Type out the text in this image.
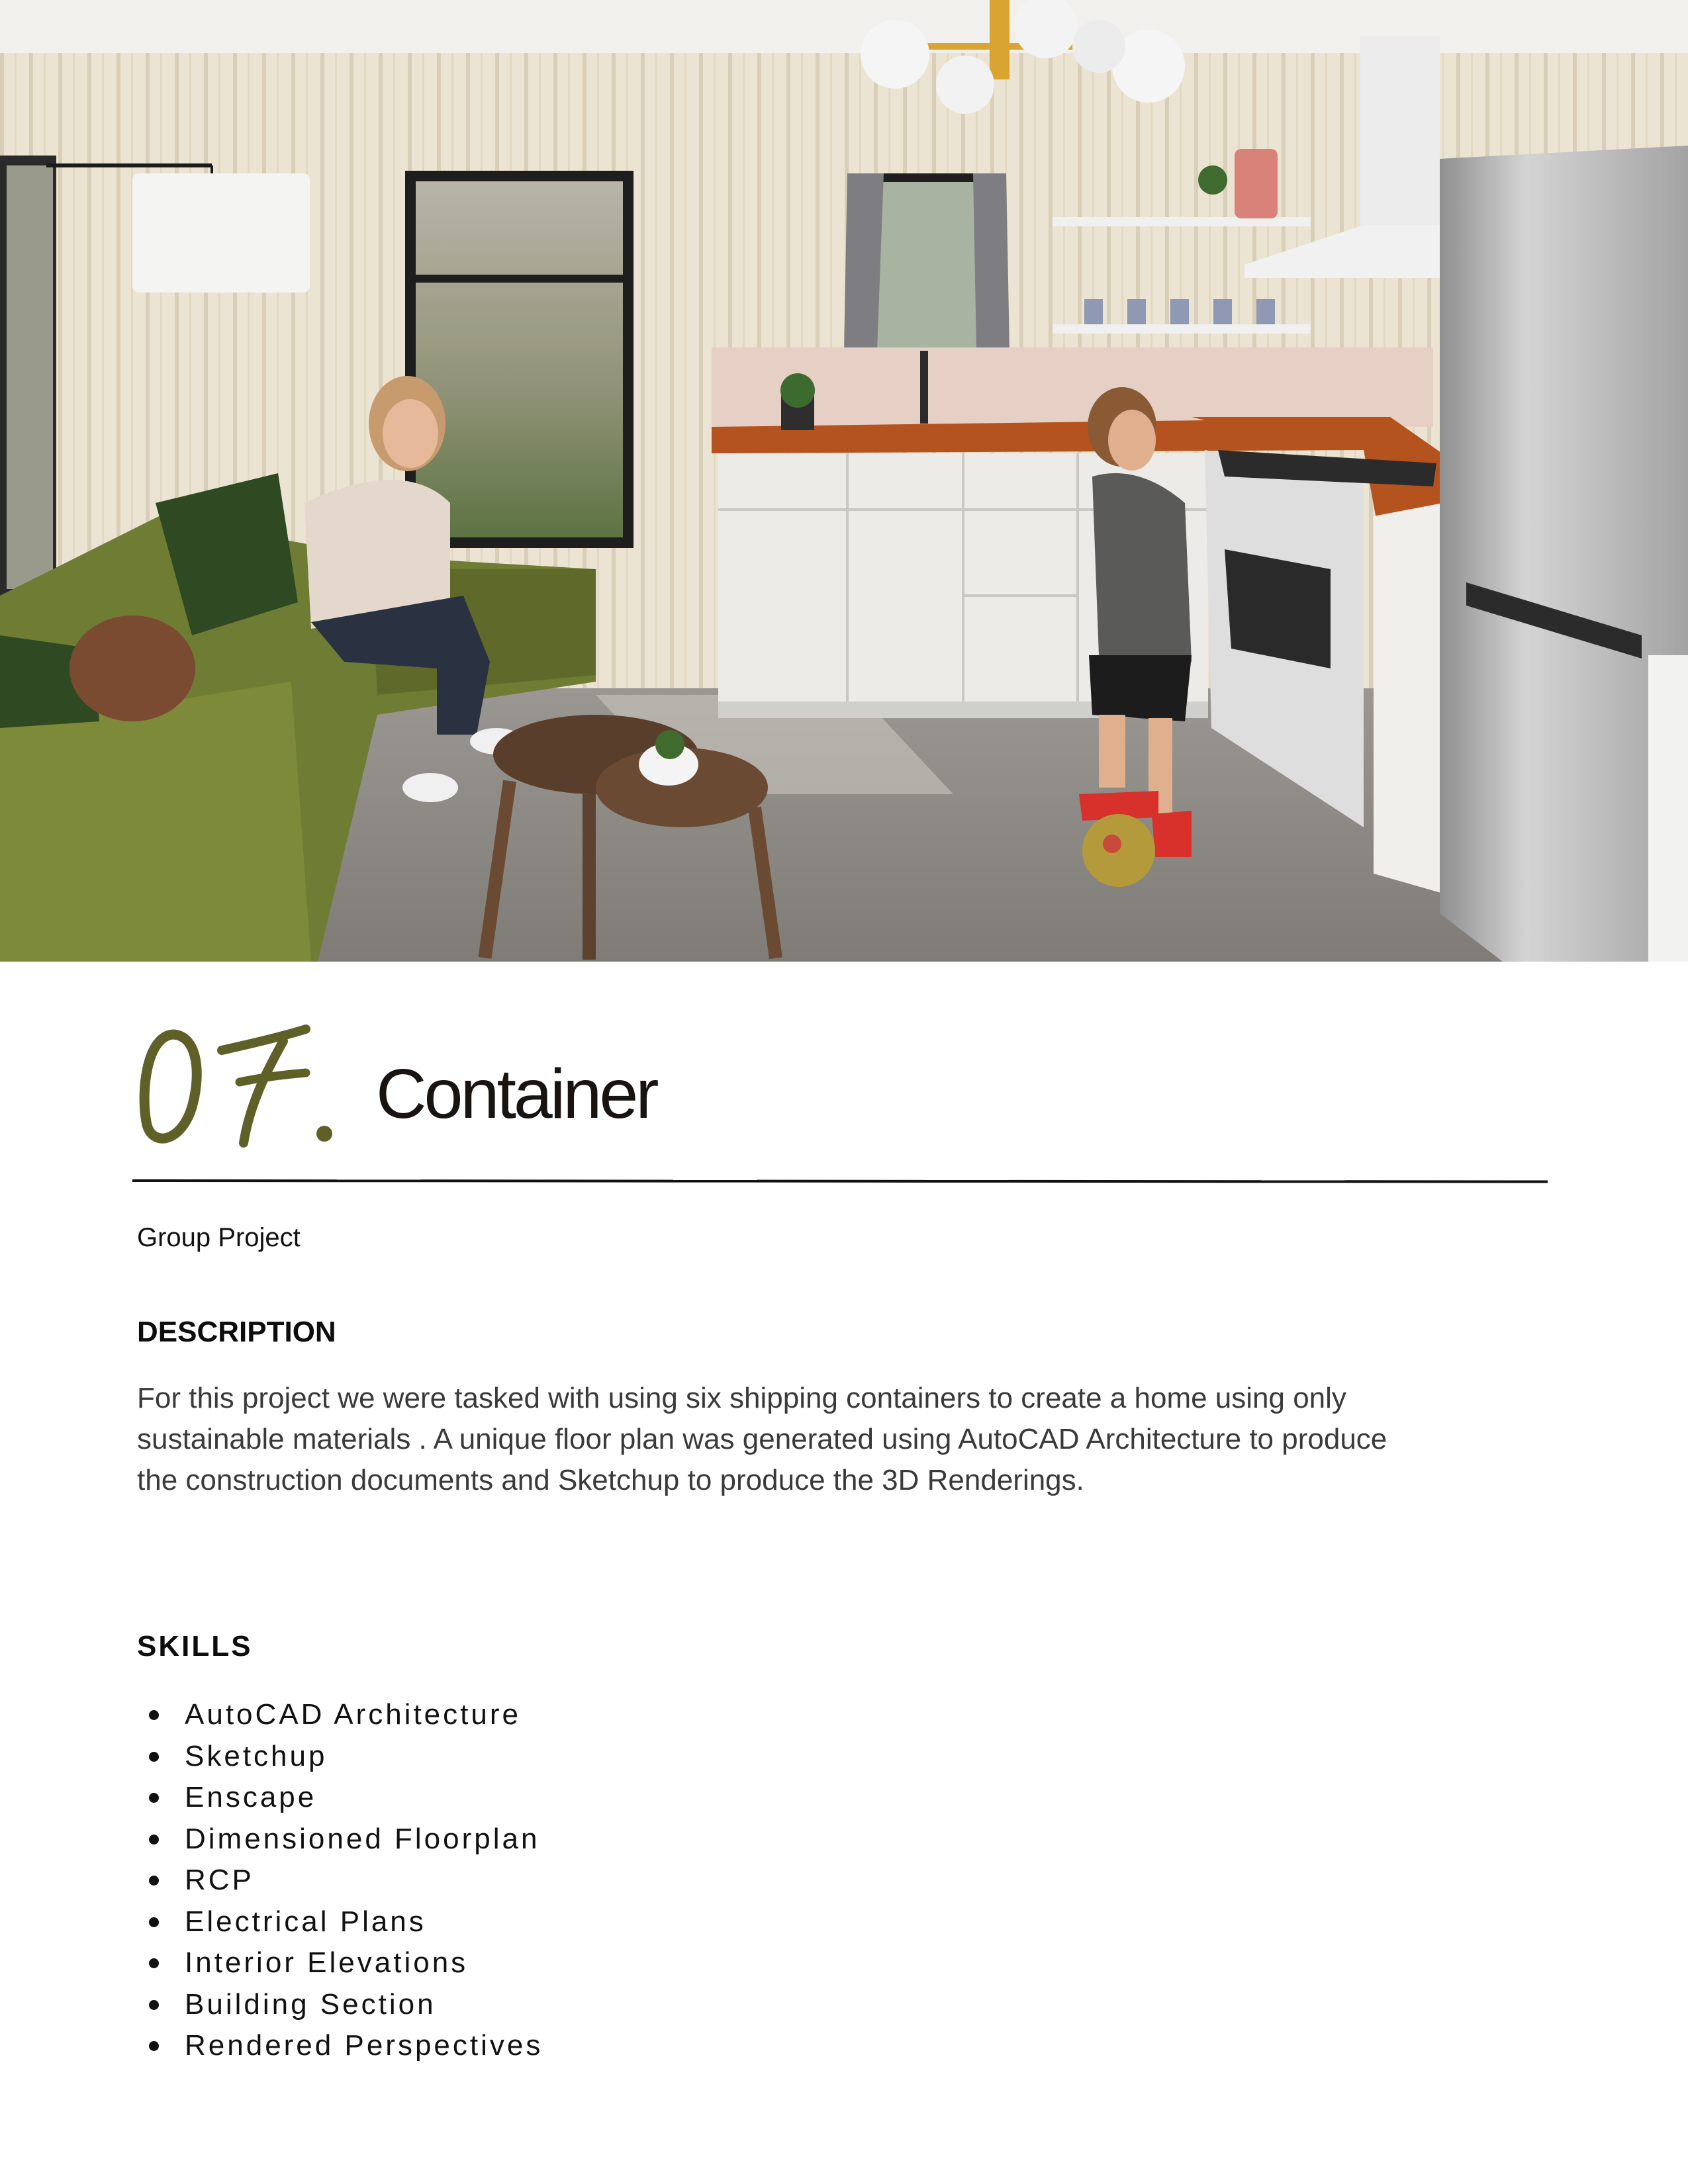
Container
Group Project
DESCRIPTION

For this project we were tasked with using six shipping containers to create a home using only

sustainable materials . A unique floor plan was generated using AutoCAD Architecture to produce

the construction documents and Sketchup to produce the 3D Renderings.

SKILLS
AutoCAD Architecture
Sketchup
Enscape
Dimensioned Floorplan
RCP
Electrical Plans
Interior Elevations
Building Section
Rendered Perspectives
